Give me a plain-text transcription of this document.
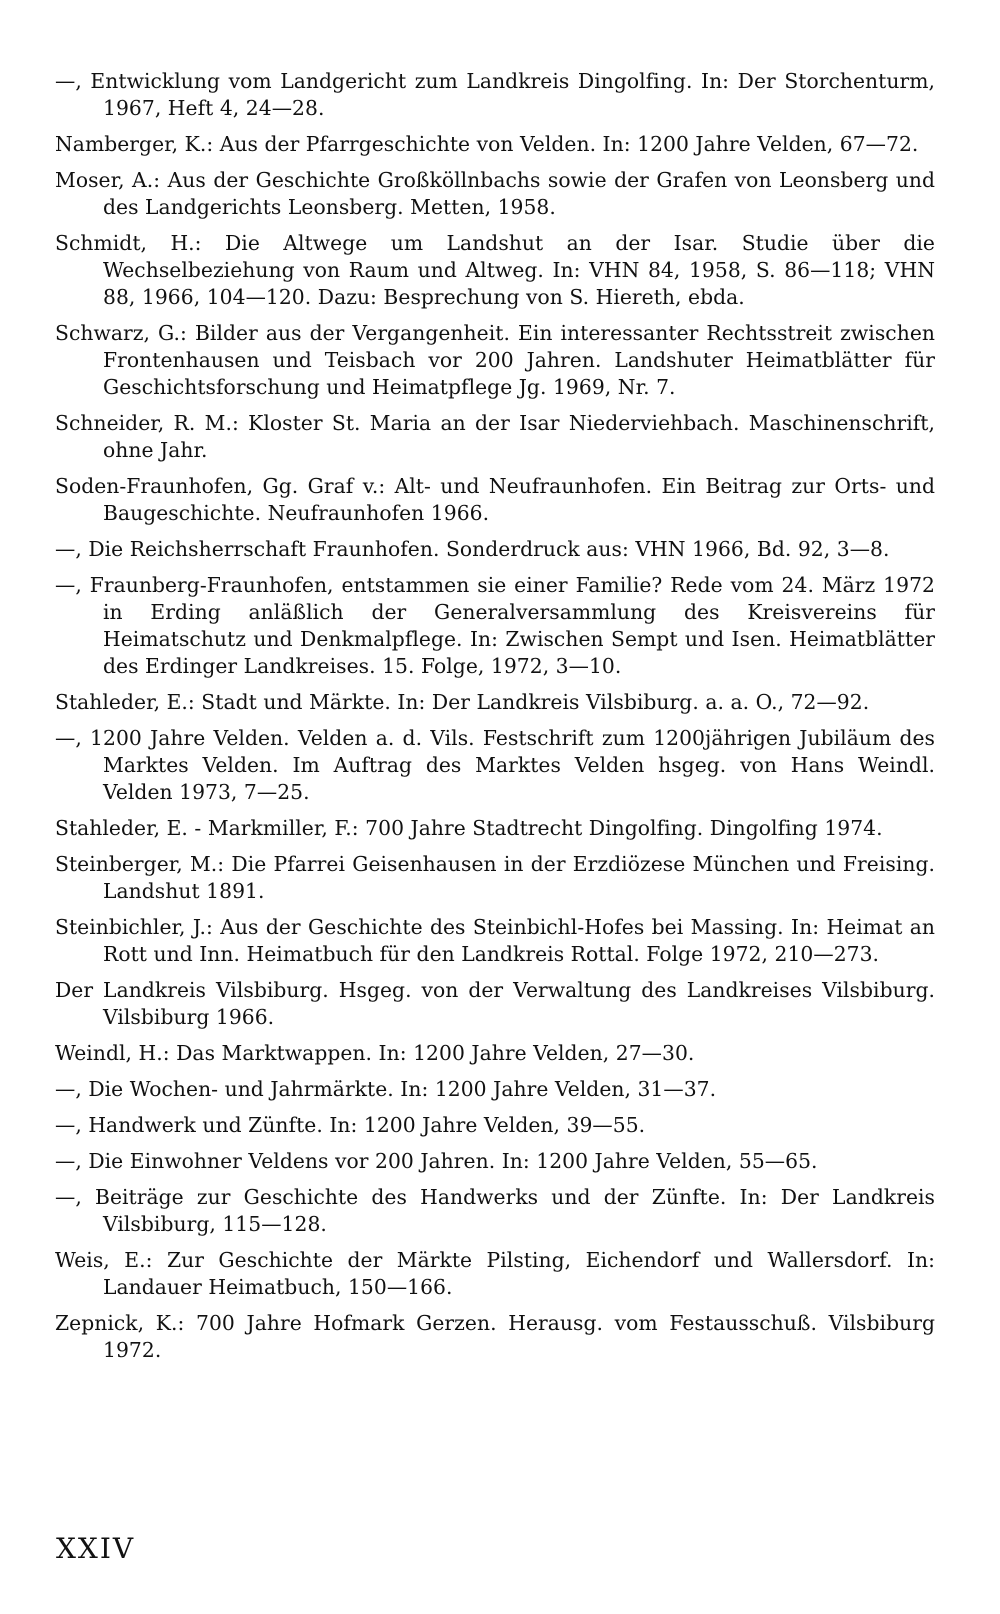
—, Entwicklung vom Landgericht zum Landkreis Dingolfing. In: Der Storchenturm, 1967, Heft 4, 24—28.

Namberger, K.: Aus der Pfarrgeschichte von Velden. In: 1200 Jahre Velden, 67—72.

Moser, A.: Aus der Geschichte Großköllnbachs sowie der Grafen von Leonsberg und des Landgerichts Leonsberg. Metten, 1958.

Schmidt, H.: Die Altwege um Landshut an der Isar. Studie über die Wechselbeziehung von Raum und Altweg. In: VHN 84, 1958, S. 86—118; VHN 88, 1966, 104—120. Dazu: Besprechung von S. Hiereth, ebda.

Schwarz, G.: Bilder aus der Vergangenheit. Ein interessanter Rechtsstreit zwischen Frontenhausen und Teisbach vor 200 Jahren. Landshuter Heimatblätter für Geschichtsforschung und Heimatpflege Jg. 1969, Nr. 7.

Schneider, R. M.: Kloster St. Maria an der Isar Niederviehbach. Maschinenschrift, ohne Jahr.

Soden-Fraunhofen, Gg. Graf v.: Alt- und Neufraunhofen. Ein Beitrag zur Orts- und Baugeschichte. Neufraunhofen 1966.

—, Die Reichsherrschaft Fraunhofen. Sonderdruck aus: VHN 1966, Bd. 92, 3—8.

—, Fraunberg-Fraunhofen, entstammen sie einer Familie? Rede vom 24. März 1972 in Erding anläßlich der Generalversammlung des Kreisvereins für Heimatschutz und Denkmalpflege. In: Zwischen Sempt und Isen. Heimatblätter des Erdinger Landkreises. 15. Folge, 1972, 3—10.

Stahleder, E.: Stadt und Märkte. In: Der Landkreis Vilsbiburg. a. a. O., 72—92.

—, 1200 Jahre Velden. Velden a. d. Vils. Festschrift zum 1200jährigen Jubiläum des Marktes Velden. Im Auftrag des Marktes Velden hsgeg. von Hans Weindl. Velden 1973, 7—25.

Stahleder, E. - Markmiller, F.: 700 Jahre Stadtrecht Dingolfing. Dingolfing 1974.

Steinberger, M.: Die Pfarrei Geisenhausen in der Erzdiözese München und Freising. Landshut 1891.

Steinbichler, J.: Aus der Geschichte des Steinbichl-Hofes bei Massing. In: Heimat an Rott und Inn. Heimatbuch für den Landkreis Rottal. Folge 1972, 210—273.

Der Landkreis Vilsbiburg. Hsgeg. von der Verwaltung des Landkreises Vilsbiburg. Vilsbiburg 1966.

Weindl, H.: Das Marktwappen. In: 1200 Jahre Velden, 27—30.

—, Die Wochen- und Jahrmärkte. In: 1200 Jahre Velden, 31—37.

—, Handwerk und Zünfte. In: 1200 Jahre Velden, 39—55.

—, Die Einwohner Veldens vor 200 Jahren. In: 1200 Jahre Velden, 55—65.

—, Beiträge zur Geschichte des Handwerks und der Zünfte. In: Der Landkreis Vilsbiburg, 115—128.

Weis, E.: Zur Geschichte der Märkte Pilsting, Eichendorf und Wallersdorf. In: Landauer Heimatbuch, 150—166.

Zepnick, K.: 700 Jahre Hofmark Gerzen. Herausg. vom Festausschuß. Vilsbiburg 1972.

XXIV
